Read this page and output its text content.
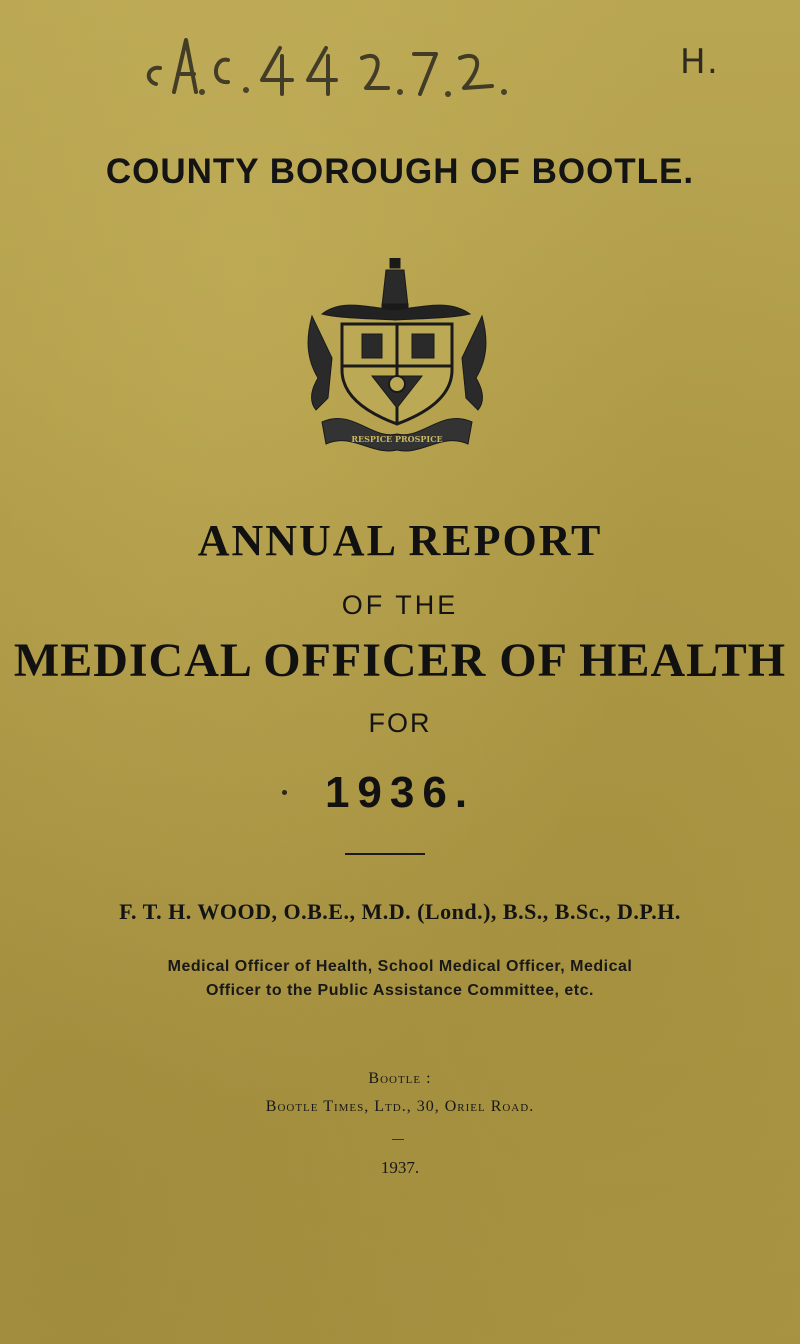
H.
COUNTY BOROUGH OF BOOTLE.
RESPICE PROSPICE
ANNUAL REPORT
OF THE
MEDICAL OFFICER OF HEALTH
FOR
1936.
F. T. H. WOOD, O.B.E., M.D. (Lond.), B.S., B.Sc., D.P.H.
Medical Officer of Health, School Medical Officer, Medical
Officer to the Public Assistance Committee, etc.
Bootle :
Bootle Times, Ltd., 30, Oriel Road.
1937.
